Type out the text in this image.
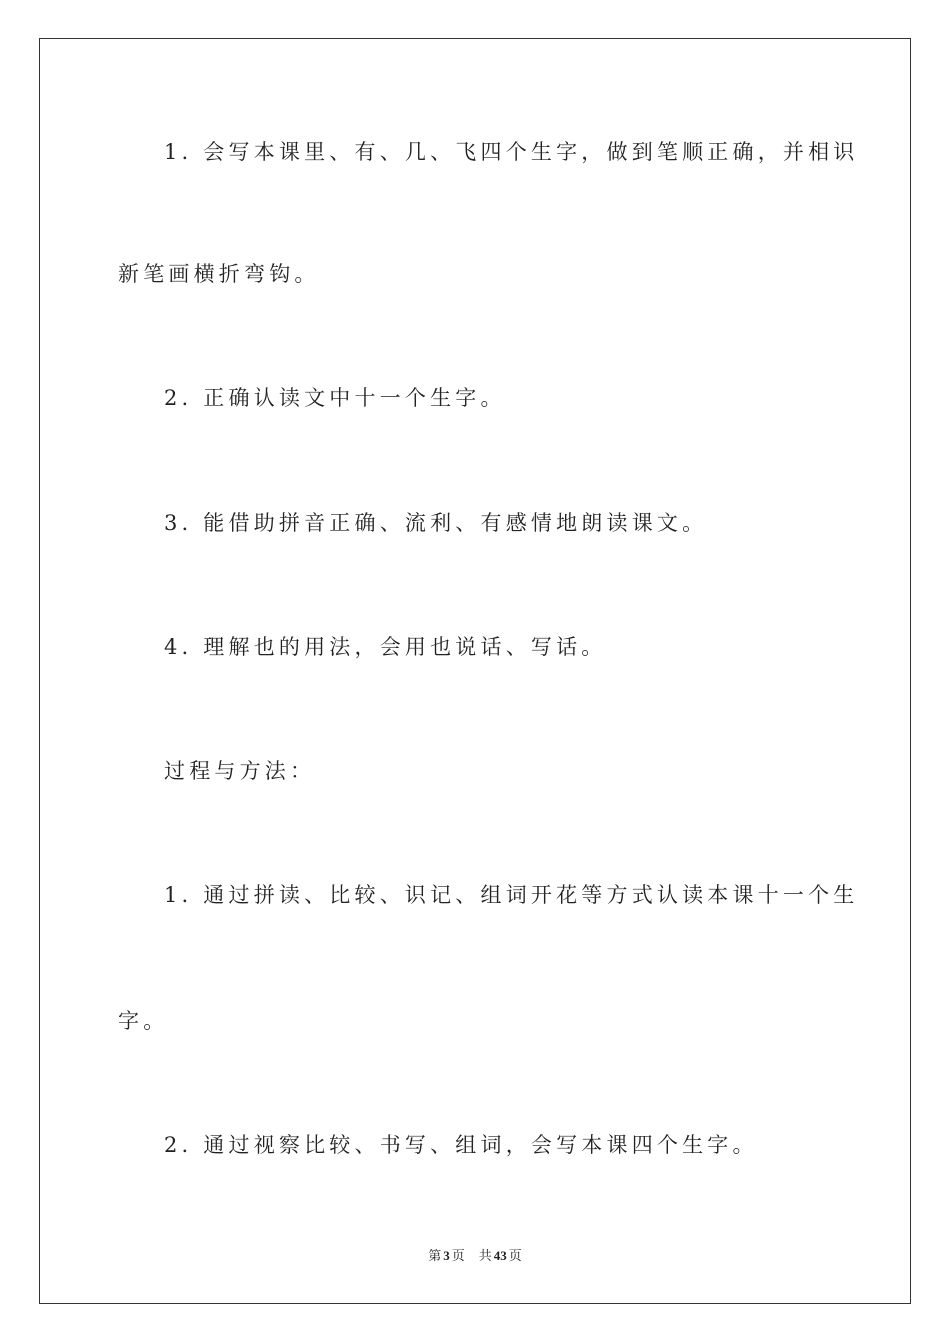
1. 会写本课里、有、几、飞四个生字，做到笔顺正确，并相识
新笔画横折弯钩。
2. 正确认读文中十一个生字。
3. 能借助拼音正确、流利、有感情地朗读课文。
4. 理解也的用法，会用也说话、写话。
过程与方法：
1. 通过拼读、比较、识记、组词开花等方式认读本课十一个生
字。
2. 通过视察比较、书写、组词，会写本课四个生字。
第 3 页 共 43 页
